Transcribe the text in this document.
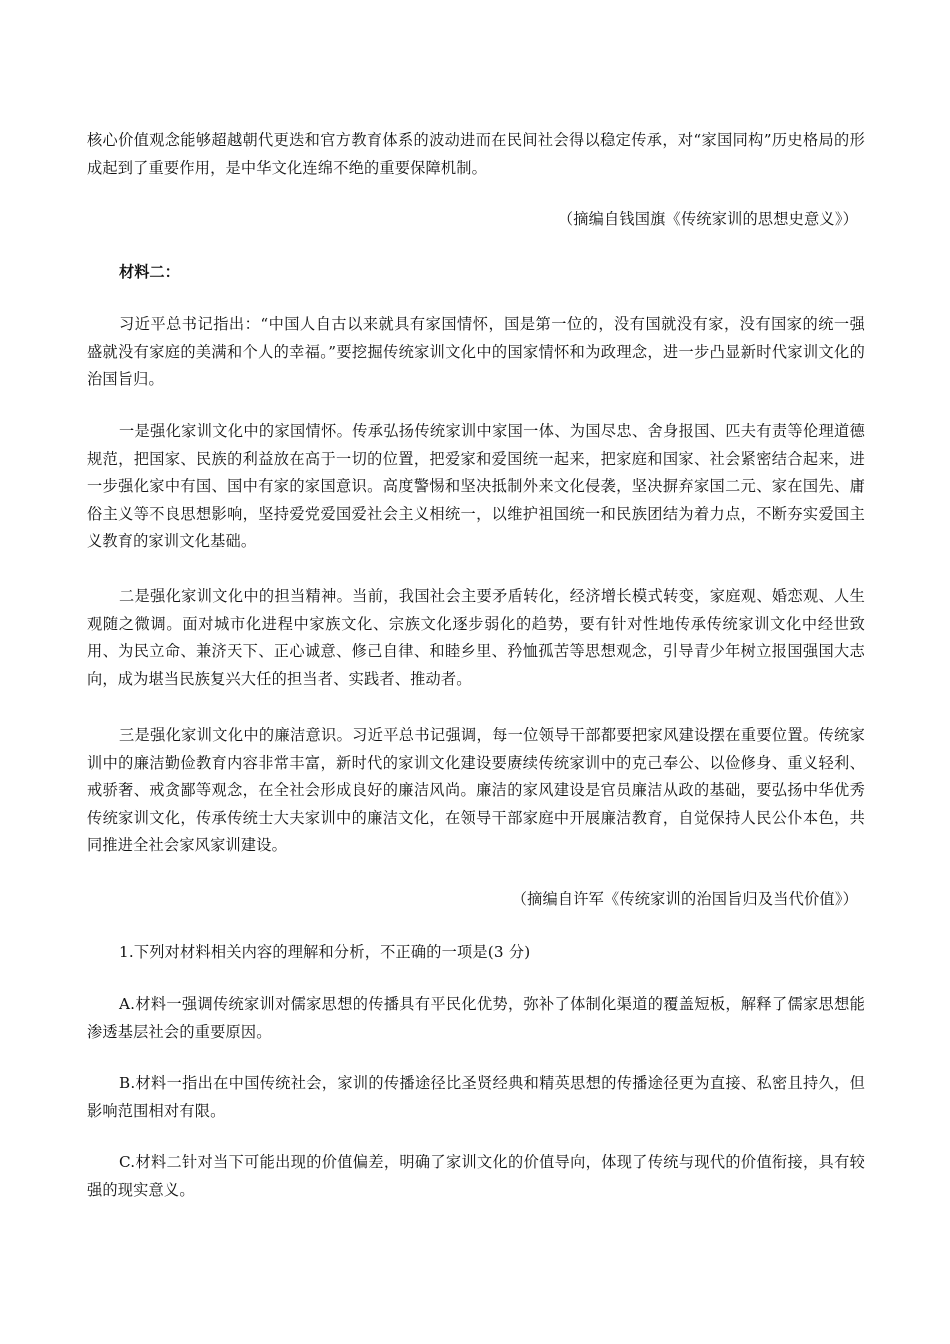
核心价值观念能够超越朝代更迭和官方教育体系的波动进而在民间社会得以稳定传承，对“家国同构”历史格局的形成起到了重要作用，是中华文化连绵不绝的重要保障机制。
（摘编自钱国旗《传统家训的思想史意义》）
材料二：
习近平总书记指出：“中国人自古以来就具有家国情怀，国是第一位的，没有国就没有家，没有国家的统一强盛就没有家庭的美满和个人的幸福。”要挖掘传统家训文化中的国家情怀和为政理念，进一步凸显新时代家训文化的治国旨归。
一是强化家训文化中的家国情怀。传承弘扬传统家训中家国一体、为国尽忠、舍身报国、匹夫有责等伦理道德规范，把国家、民族的利益放在高于一切的位置，把爱家和爱国统一起来，把家庭和国家、社会紧密结合起来，进一步强化家中有国、国中有家的家国意识。高度警惕和坚决抵制外来文化侵袭，坚决摒弃家国二元、家在国先、庸俗主义等不良思想影响，坚持爱党爱国爱社会主义相统一，以维护祖国统一和民族团结为着力点，不断夯实爱国主义教育的家训文化基础。
二是强化家训文化中的担当精神。当前，我国社会主要矛盾转化，经济增长模式转变，家庭观、婚恋观、人生观随之微调。面对城市化进程中家族文化、宗族文化逐步弱化的趋势，要有针对性地传承传统家训文化中经世致用、为民立命、兼济天下、正心诚意、修己自律、和睦乡里、矜恤孤苦等思想观念，引导青少年树立报国强国大志向，成为堪当民族复兴大任的担当者、实践者、推动者。
三是强化家训文化中的廉洁意识。习近平总书记强调，每一位领导干部都要把家风建设摆在重要位置。传统家训中的廉洁勤俭教育内容非常丰富，新时代的家训文化建设要赓续传统家训中的克己奉公、以俭修身、重义轻利、戒骄奢、戒贪鄙等观念，在全社会形成良好的廉洁风尚。廉洁的家风建设是官员廉洁从政的基础，要弘扬中华优秀传统家训文化，传承传统士大夫家训中的廉洁文化，在领导干部家庭中开展廉洁教育，自觉保持人民公仆本色，共同推进全社会家风家训建设。
（摘编自许军《传统家训的治国旨归及当代价值》）
1.下列对材料相关内容的理解和分析，不正确的一项是(3 分)
A.材料一强调传统家训对儒家思想的传播具有平民化优势，弥补了体制化渠道的覆盖短板，解释了儒家思想能渗透基层社会的重要原因。
B.材料一指出在中国传统社会，家训的传播途径比圣贤经典和精英思想的传播途径更为直接、私密且持久，但影响范围相对有限。
C.材料二针对当下可能出现的价值偏差，明确了家训文化的价值导向，体现了传统与现代的价值衔接，具有较强的现实意义。
